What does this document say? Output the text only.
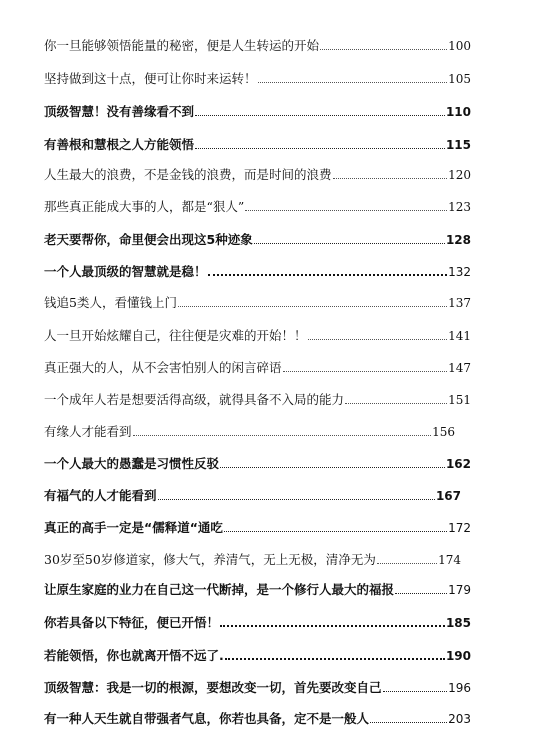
你一旦能够领悟能量的秘密，便是人生转运的开始	100
坚持做到这十点，便可让你时来运转！	105
顶级智慧！没有善缘看不到	110
有善根和慧根之人方能领悟	115
人生最大的浪费，不是金钱的浪费，而是时间的浪费	120
那些真正能成大事的人，都是“狠人”	123
老天要帮你，命里便会出现这5种迹象	128
一个人最顶级的智慧就是稳！	132
钱追5类人，看懂钱上门	137
人一旦开始炫耀自己，往往便是灾难的开始！！	141
真正强大的人，从不会害怕别人的闲言碎语	147
一个成年人若是想要活得高级，就得具备不入局的能力	151
有缘人才能看到	156
一个人最大的愚蠢是习惯性反驳	162
有福气的人才能看到	167
真正的高手一定是“儒释道“通吃	172
30岁至50岁修道家，修大气，养清气，无上无极，清净无为	174
让原生家庭的业力在自己这一代断掉，是一个修行人最大的福报	179
你若具备以下特征，便已开悟！	185
若能领悟，你也就离开悟不远了.	190
顶级智慧：我是一切的根源，要想改变一切，首先要改变自己	196
有一种人天生就自带强者气息，你若也具备，定不是一般人	203
